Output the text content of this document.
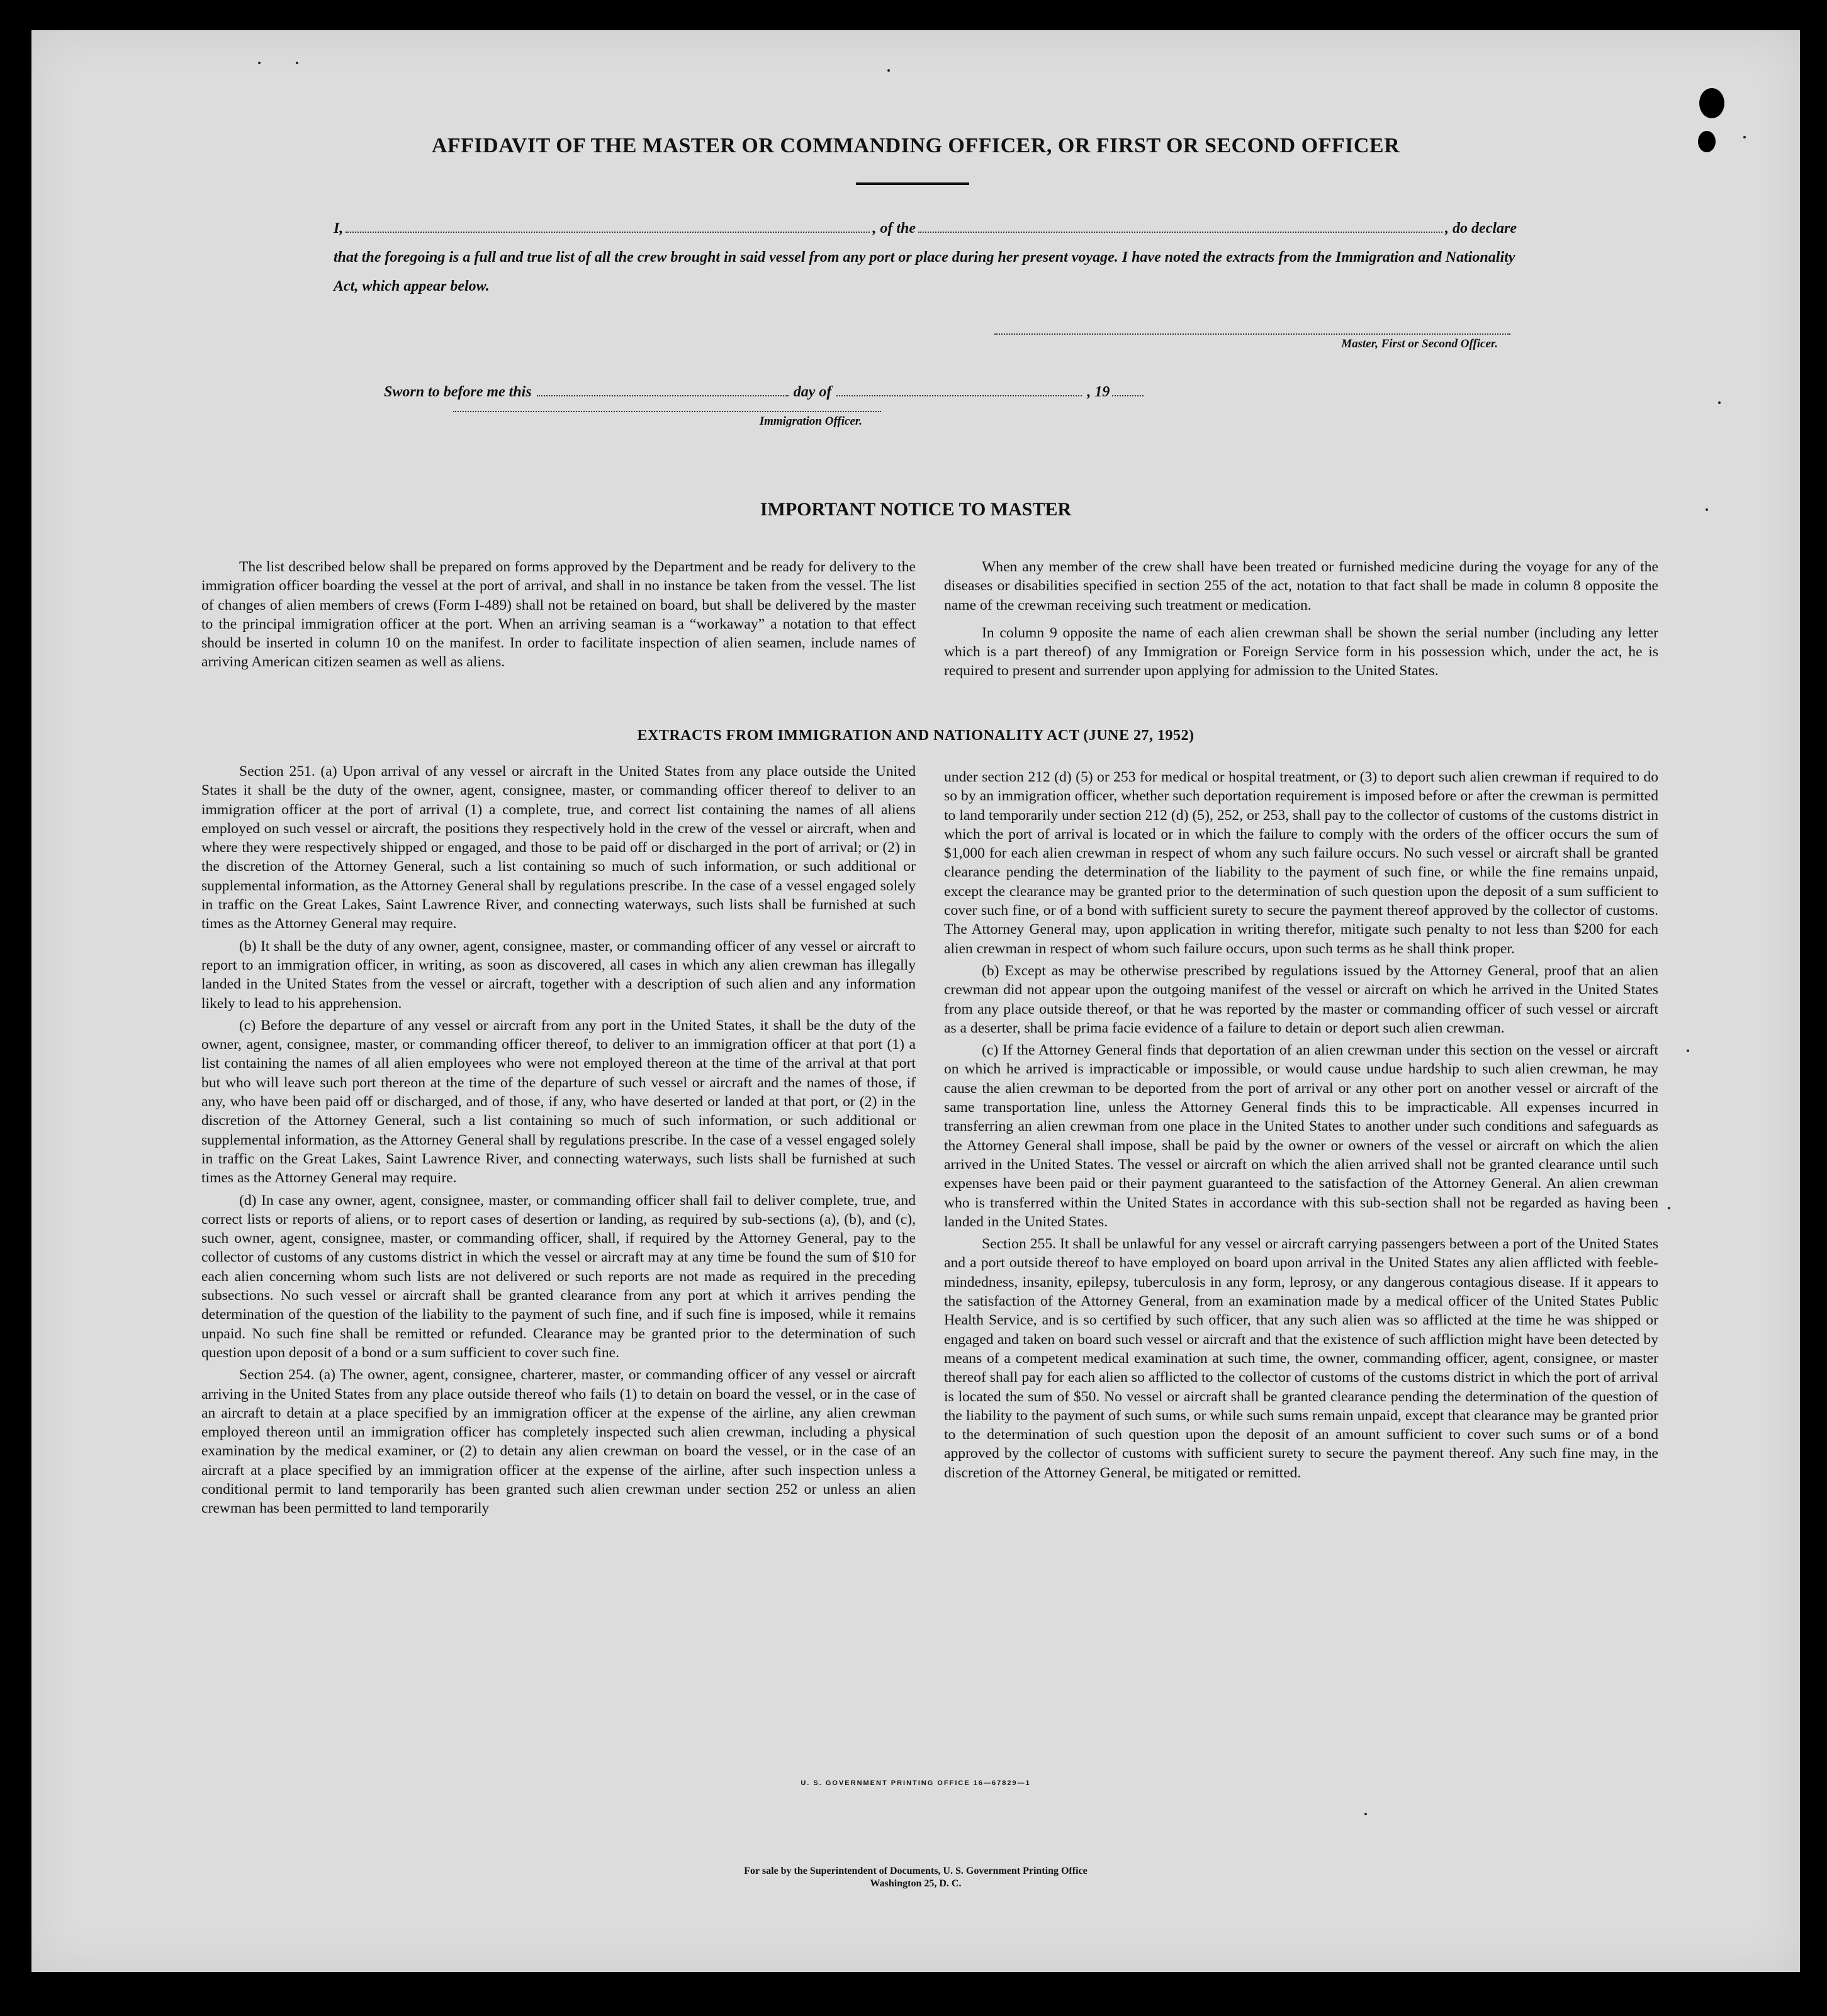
AFFIDAVIT OF THE MASTER OR COMMANDING OFFICER, OR FIRST OR SECOND OFFICER
I,	, of the	, do declare
that the foregoing is a full and true list of all the crew brought in said vessel from any port or place during her present voyage. I have noted the extracts from the Immigration and Nationality Act, which appear below.
Master, First or Second Officer.
Sworn to before me this	day of	, 19
Immigration Officer.
IMPORTANT NOTICE TO MASTER

The list described below shall be prepared on forms approved by the Department and be ready for delivery to the immigration officer boarding the vessel at the port of arrival, and shall in no instance be taken from the vessel. The list of changes of alien members of crews (Form I-489) shall not be retained on board, but shall be delivered by the master to the principal immigration officer at the port. When an arriving seaman is a “workaway” a notation to that effect should be inserted in column 10 on the manifest. In order to facilitate inspection of alien seamen, include names of arriving American citizen seamen as well as aliens.

When any member of the crew shall have been treated or furnished medicine during the voyage for any of the diseases or disabilities specified in section 255 of the act, notation to that fact shall be made in column 8 opposite the name of the crewman receiving such treatment or medication.

In column 9 opposite the name of each alien crewman shall be shown the serial number (including any letter which is a part thereof) of any Immigration or Foreign Service form in his possession which, under the act, he is required to present and surrender upon applying for admission to the United States.

EXTRACTS FROM IMMIGRATION AND NATIONALITY ACT (JUNE 27, 1952)

Section 251. (a) Upon arrival of any vessel or aircraft in the United States from any place outside the United States it shall be the duty of the owner, agent, consignee, master, or commanding officer thereof to deliver to an immigration officer at the port of arrival (1) a complete, true, and correct list containing the names of all aliens employed on such vessel or aircraft, the positions they respectively hold in the crew of the vessel or aircraft, when and where they were respectively shipped or engaged, and those to be paid off or discharged in the port of arrival; or (2) in the discretion of the Attorney General, such a list containing so much of such information, or such additional or supplemental information, as the Attorney General shall by regulations prescribe. In the case of a vessel engaged solely in traffic on the Great Lakes, Saint Lawrence River, and connecting waterways, such lists shall be furnished at such times as the Attorney General may require.

(b) It shall be the duty of any owner, agent, consignee, master, or commanding officer of any vessel or aircraft to report to an immigration officer, in writing, as soon as discovered, all cases in which any alien crewman has illegally landed in the United States from the vessel or aircraft, together with a description of such alien and any information likely to lead to his apprehension.

(c) Before the departure of any vessel or aircraft from any port in the United States, it shall be the duty of the owner, agent, consignee, master, or commanding officer thereof, to deliver to an immigration officer at that port (1) a list containing the names of all alien employees who were not employed thereon at the time of the arrival at that port but who will leave such port thereon at the time of the departure of such vessel or aircraft and the names of those, if any, who have been paid off or discharged, and of those, if any, who have deserted or landed at that port, or (2) in the discretion of the Attorney General, such a list containing so much of such information, or such additional or supplemental information, as the Attorney General shall by regulations prescribe. In the case of a vessel engaged solely in traffic on the Great Lakes, Saint Lawrence River, and connecting waterways, such lists shall be furnished at such times as the Attorney General may require.

(d) In case any owner, agent, consignee, master, or commanding officer shall fail to deliver complete, true, and correct lists or reports of aliens, or to report cases of desertion or landing, as required by sub-sections (a), (b), and (c), such owner, agent, consignee, master, or commanding officer, shall, if required by the Attorney General, pay to the collector of customs of any customs district in which the vessel or aircraft may at any time be found the sum of $10 for each alien concerning whom such lists are not delivered or such reports are not made as required in the preceding subsections. No such vessel or aircraft shall be granted clearance from any port at which it arrives pending the determination of the question of the liability to the payment of such fine, and if such fine is imposed, while it remains unpaid. No such fine shall be remitted or refunded. Clearance may be granted prior to the determination of such question upon deposit of a bond or a sum sufficient to cover such fine.

Section 254. (a) The owner, agent, consignee, charterer, master, or commanding officer of any vessel or aircraft arriving in the United States from any place outside thereof who fails (1) to detain on board the vessel, or in the case of an aircraft to detain at a place specified by an immigration officer at the expense of the airline, any alien crewman employed thereon until an immigration officer has completely inspected such alien crewman, including a physical examination by the medical examiner, or (2) to detain any alien crewman on board the vessel, or in the case of an aircraft at a place specified by an immigration officer at the expense of the airline, after such inspection unless a conditional permit to land temporarily has been granted such alien crewman under section 252 or unless an alien crewman has been permitted to land temporarily

under section 212 (d) (5) or 253 for medical or hospital treatment, or (3) to deport such alien crewman if required to do so by an immigration officer, whether such deportation requirement is imposed before or after the crewman is permitted to land temporarily under section 212 (d) (5), 252, or 253, shall pay to the collector of customs of the customs district in which the port of arrival is located or in which the failure to comply with the orders of the officer occurs the sum of $1,000 for each alien crewman in respect of whom any such failure occurs. No such vessel or aircraft shall be granted clearance pending the determination of the liability to the payment of such fine, or while the fine remains unpaid, except the clearance may be granted prior to the determination of such question upon the deposit of a sum sufficient to cover such fine, or of a bond with sufficient surety to secure the payment thereof approved by the collector of customs. The Attorney General may, upon application in writing therefor, mitigate such penalty to not less than $200 for each alien crewman in respect of whom such failure occurs, upon such terms as he shall think proper.

(b) Except as may be otherwise prescribed by regulations issued by the Attorney General, proof that an alien crewman did not appear upon the outgoing manifest of the vessel or aircraft on which he arrived in the United States from any place outside thereof, or that he was reported by the master or commanding officer of such vessel or aircraft as a deserter, shall be prima facie evidence of a failure to detain or deport such alien crewman.

(c) If the Attorney General finds that deportation of an alien crewman under this section on the vessel or aircraft on which he arrived is impracticable or impossible, or would cause undue hardship to such alien crewman, he may cause the alien crewman to be deported from the port of arrival or any other port on another vessel or aircraft of the same transportation line, unless the Attorney General finds this to be impracticable. All expenses incurred in transferring an alien crewman from one place in the United States to another under such conditions and safeguards as the Attorney General shall impose, shall be paid by the owner or owners of the vessel or aircraft on which the alien arrived in the United States. The vessel or aircraft on which the alien arrived shall not be granted clearance until such expenses have been paid or their payment guaranteed to the satisfaction of the Attorney General. An alien crewman who is transferred within the United States in accordance with this sub-section shall not be regarded as having been landed in the United States.

Section 255. It shall be unlawful for any vessel or aircraft carrying passengers between a port of the United States and a port outside thereof to have employed on board upon arrival in the United States any alien afflicted with feeble-mindedness, insanity, epilepsy, tuberculosis in any form, leprosy, or any dangerous contagious disease. If it appears to the satisfaction of the Attorney General, from an examination made by a medical officer of the United States Public Health Service, and is so certified by such officer, that any such alien was so afflicted at the time he was shipped or engaged and taken on board such vessel or aircraft and that the existence of such affliction might have been detected by means of a competent medical examination at such time, the owner, commanding officer, agent, consignee, or master thereof shall pay for each alien so afflicted to the collector of customs of the customs district in which the port of arrival is located the sum of $50. No vessel or aircraft shall be granted clearance pending the determination of the question of the liability to the payment of such sums, or while such sums remain unpaid, except that clearance may be granted prior to the determination of such question upon the deposit of an amount sufficient to cover such sums or of a bond approved by the collector of customs with sufficient surety to secure the payment thereof. Any such fine may, in the discretion of the Attorney General, be mitigated or remitted.

U. S. GOVERNMENT PRINTING OFFICE 16—67829—1
For sale by the Superintendent of Documents, U. S. Government Printing Office
Washington 25, D. C.
